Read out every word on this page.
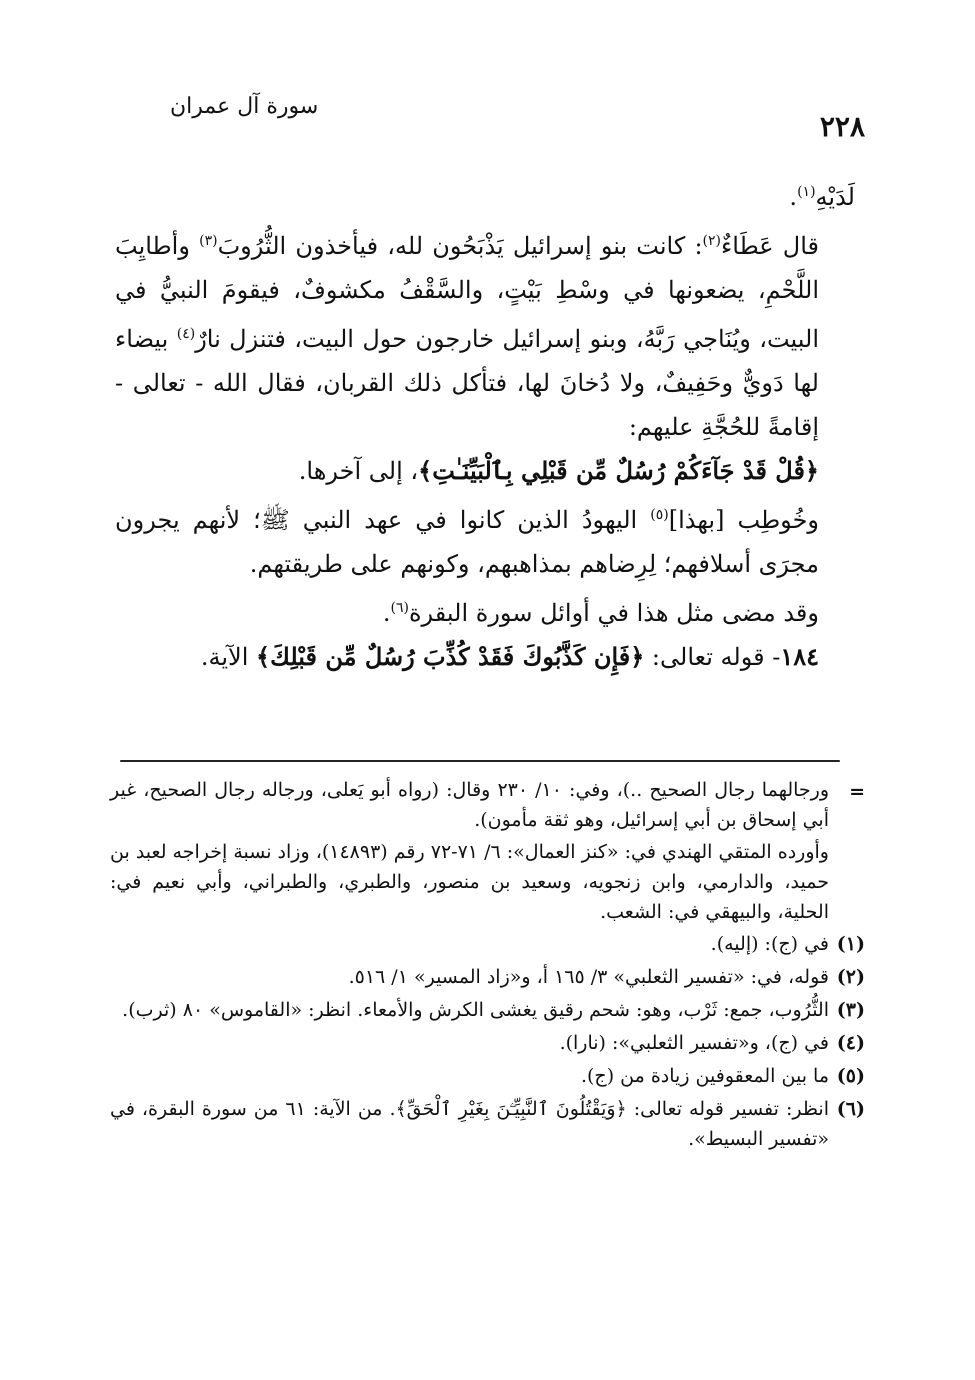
٢٢٨
سورة آل عمران

لَدَيْهِ$^{(١)}$.

قال عَطَاءٌ$^{(٢)}$: كانت بنو إسرائيل يَذْبَحُون لله، فيأخذون الثُّرُوبَ$^{(٣)}$ وأطايِبَ اللَّحْمِ، يضعونها في وسْطِ بَيْتٍ، والسَّقْفُ مكشوفٌ، فيقومَ النبيُّ في البيت، ويُنَاجي رَبَّهُ، وبنو إسرائيل خارجون حول البيت، فتنزل نارٌ$^{(٤)}$ بيضاء لها دَويٌّ وحَفِيفٌ، ولا دُخانَ لها، فتأكل ذلك القربان، فقال الله - تعالى - إقامةً للحُجَّةِ عليهم:

﴿قُلْ قَدْ جَآءَكُمْ رُسُلٌ مِّن قَبْلِي بِٱلْبَيِّنَـٰتِ﴾، إلى آخرها.

وخُوطِب [بهذا]$^{(٥)}$ اليهودُ الذين كانوا في عهد النبي ﷺ؛ لأنهم يجرون مجرَى أسلافهم؛ لِرِضاهم بمذاهبهم، وكونهم على طريقتهم.

وقد مضى مثل هذا في أوائل سورة البقرة$^{(٦)}$.

١٨٤- قوله تعالى: ﴿فَإِن كَذَّبُوكَ فَقَدْ كُذِّبَ رُسُلٌ مِّن قَبْلِكَ﴾ الآية.

=

ورجالهما رجال الصحيح ..)، وفي: ١٠/ ٢٣٠ وقال: (رواه أبو يَعلى، ورجاله رجال الصحيح، غير أبي إسحاق بن أبي إسرائيل، وهو ثقة مأمون).

وأورده المتقي الهندي في: «كنز العمال»: ٦/ ٧١-٧٢ رقم (١٤٨٩٣)، وزاد نسبة إخراجه لعبد بن حميد، والدارمي، وابن زنجويه، وسعيد بن منصور، والطبري، والطبراني، وأبي نعيم في: الحلية، والبيهقي في: الشعب.

(١)
في (ج): (إليه).
(٢)
قوله، في: «تفسير الثعلبي» ٣/ ١٦٥ أ، و«زاد المسير» ١/ ٥١٦.
(٣)
الثُّرُوب، جمع: ثَرْب، وهو: شحم رقيق يغشى الكرش والأمعاء. انظر: «القاموس» ٨٠ (ثرب).
(٤)
في (ج)، و«تفسير الثعلبي»: (نارا).
(٥)
ما بين المعقوفين زيادة من (ج).
(٦)
انظر: تفسير قوله تعالى: ﴿وَيَقْتُلُونَ ٱلنَّبِيِّـۧنَ بِغَيْرِ ٱلْحَقِّ﴾. من الآية: ٦١ من سورة البقرة، في «تفسير البسيط».
